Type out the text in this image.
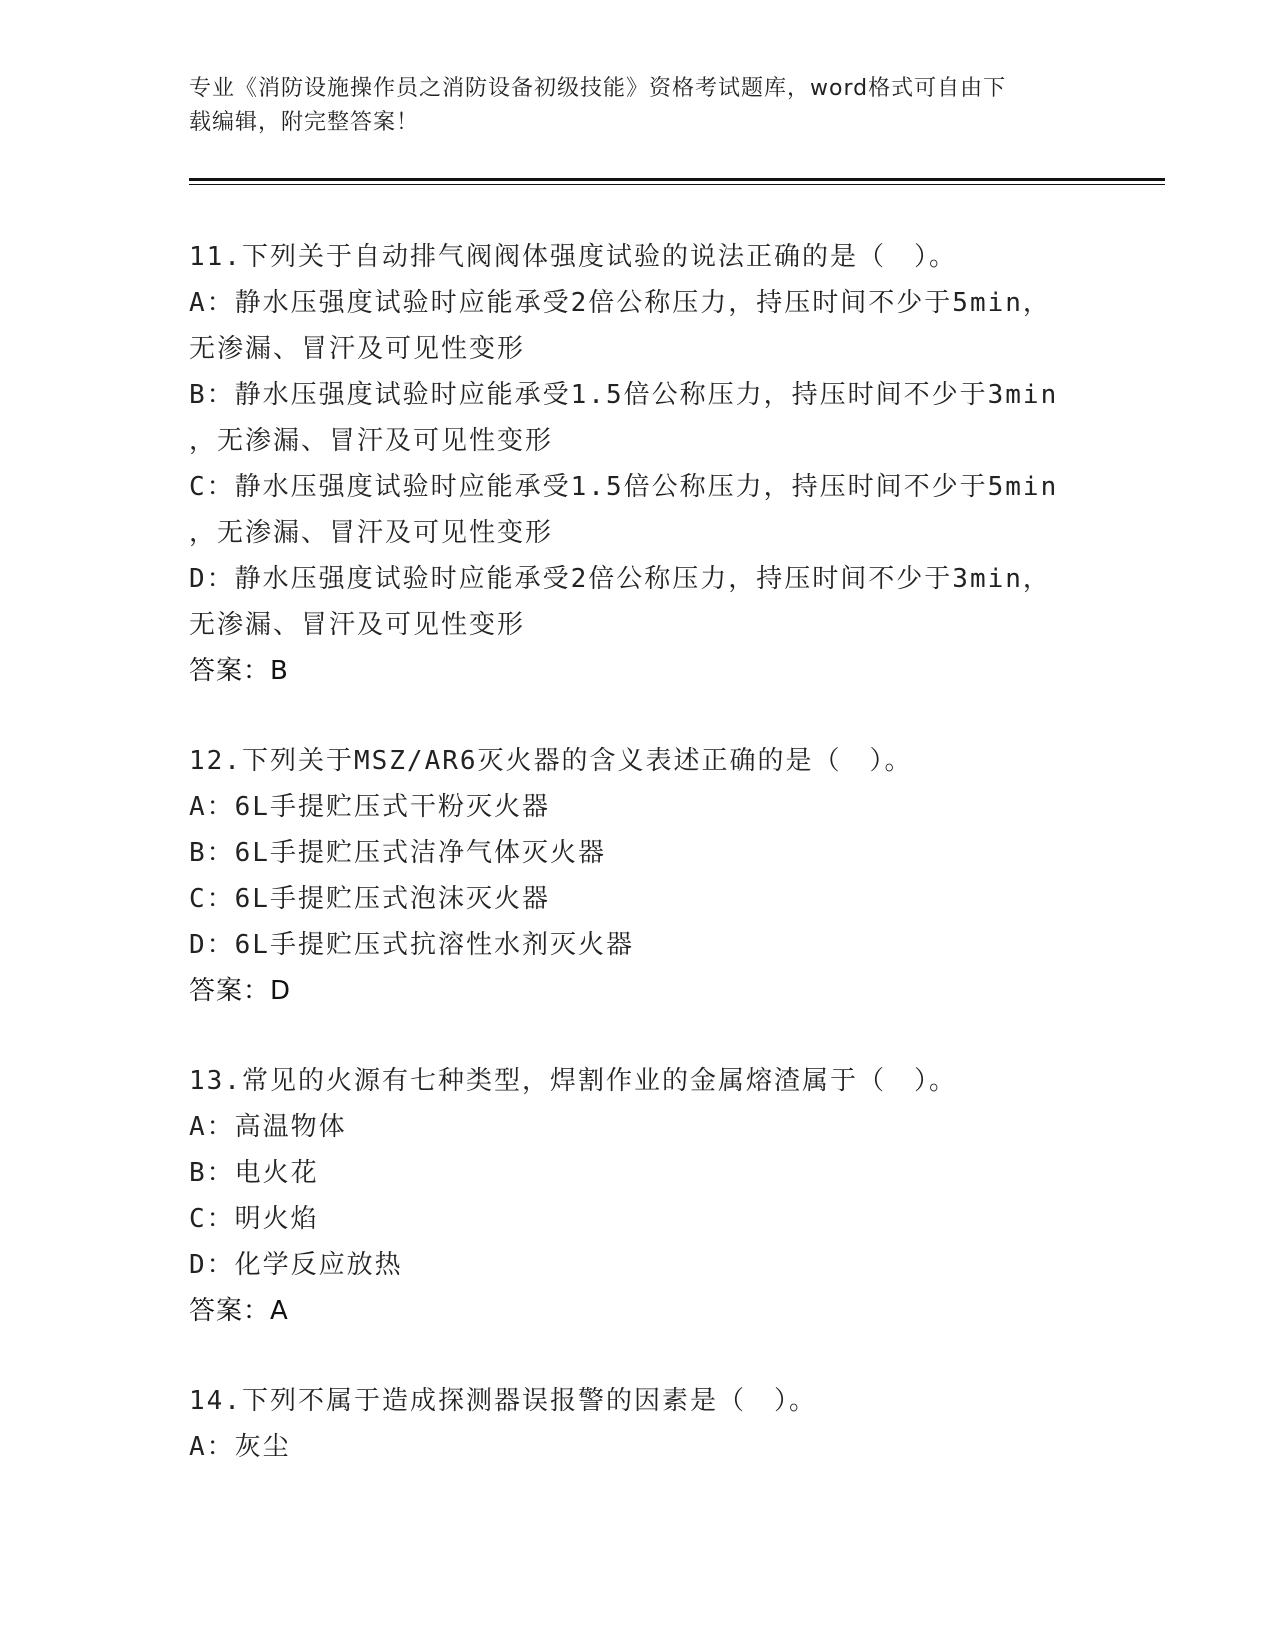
专业《消防设施操作员之消防设备初级技能》资格考试题库，word格式可自由下
载编辑，附完整答案！
11.下列关于自动排气阀阀体强度试验的说法正确的是（　）。
A：静水压强度试验时应能承受2倍公称压力，持压时间不少于5min，
无渗漏、冒汗及可见性变形
B：静水压强度试验时应能承受1.5倍公称压力，持压时间不少于3min
，无渗漏、冒汗及可见性变形
C：静水压强度试验时应能承受1.5倍公称压力，持压时间不少于5min
，无渗漏、冒汗及可见性变形
D：静水压强度试验时应能承受2倍公称压力，持压时间不少于3min，
无渗漏、冒汗及可见性变形
答案：B
12.下列关于MSZ/AR6灭火器的含义表述正确的是（　）。
A：6L手提贮压式干粉灭火器
B：6L手提贮压式洁净气体灭火器
C：6L手提贮压式泡沫灭火器
D：6L手提贮压式抗溶性水剂灭火器
答案：D
13.常见的火源有七种类型，焊割作业的金属熔渣属于（　）。
A：高温物体
B：电火花
C：明火焰
D：化学反应放热
答案：A
14.下列不属于造成探测器误报警的因素是（　）。
A：灰尘
